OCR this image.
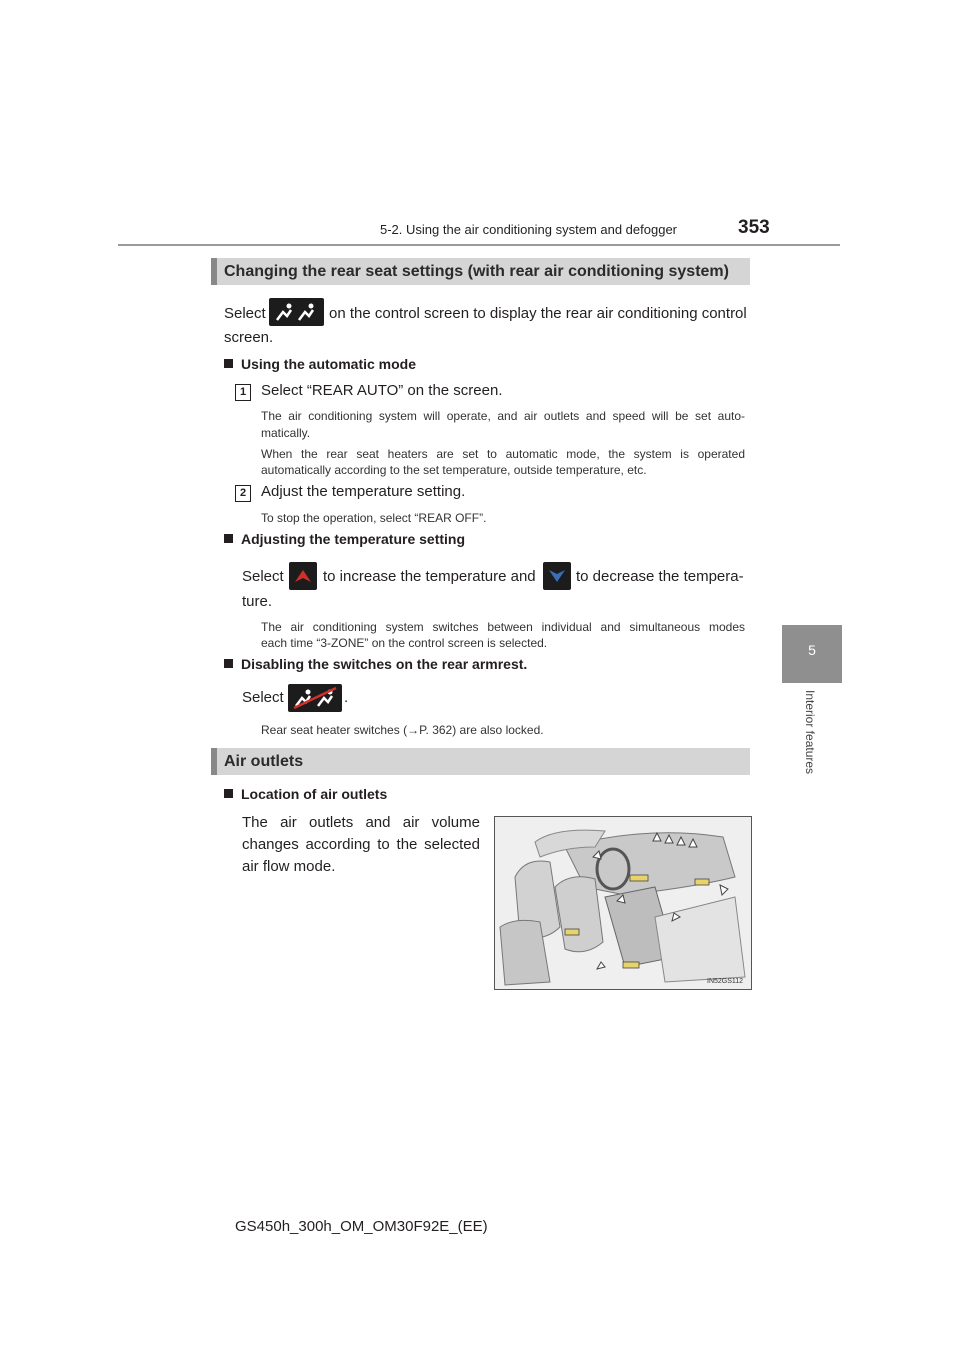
5-2. Using the air conditioning system and defogger	353
5
Interior features
Changing the rear seat settings (with rear air conditioning system)
Select	on the control screen to display the rear air conditioning control
screen.
Using the automatic mode
1 Select “REAR AUTO” on the screen.
The air conditioning system will operate, and air outlets and speed will be set auto-
matically.
When the rear seat heaters are set to automatic mode, the system is operated
automatically according to the set temperature, outside temperature, etc.
2 Adjust the temperature setting.
To stop the operation, select “REAR OFF”.
Adjusting the temperature setting
Select	to increase the temperature and	to decrease the tempera-
ture.
The air conditioning system switches between individual and simultaneous modes
each time “3-ZONE” on the control screen is selected.
Disabling the switches on the rear armrest.
Select	.
Rear seat heater switches (→P. 362) are also locked.
Air outlets
Location of air outlets
The air outlets and air volume
changes according to the selected
air flow mode.
IN52GS112
GS450h_300h_OM_OM30F92E_(EE)
